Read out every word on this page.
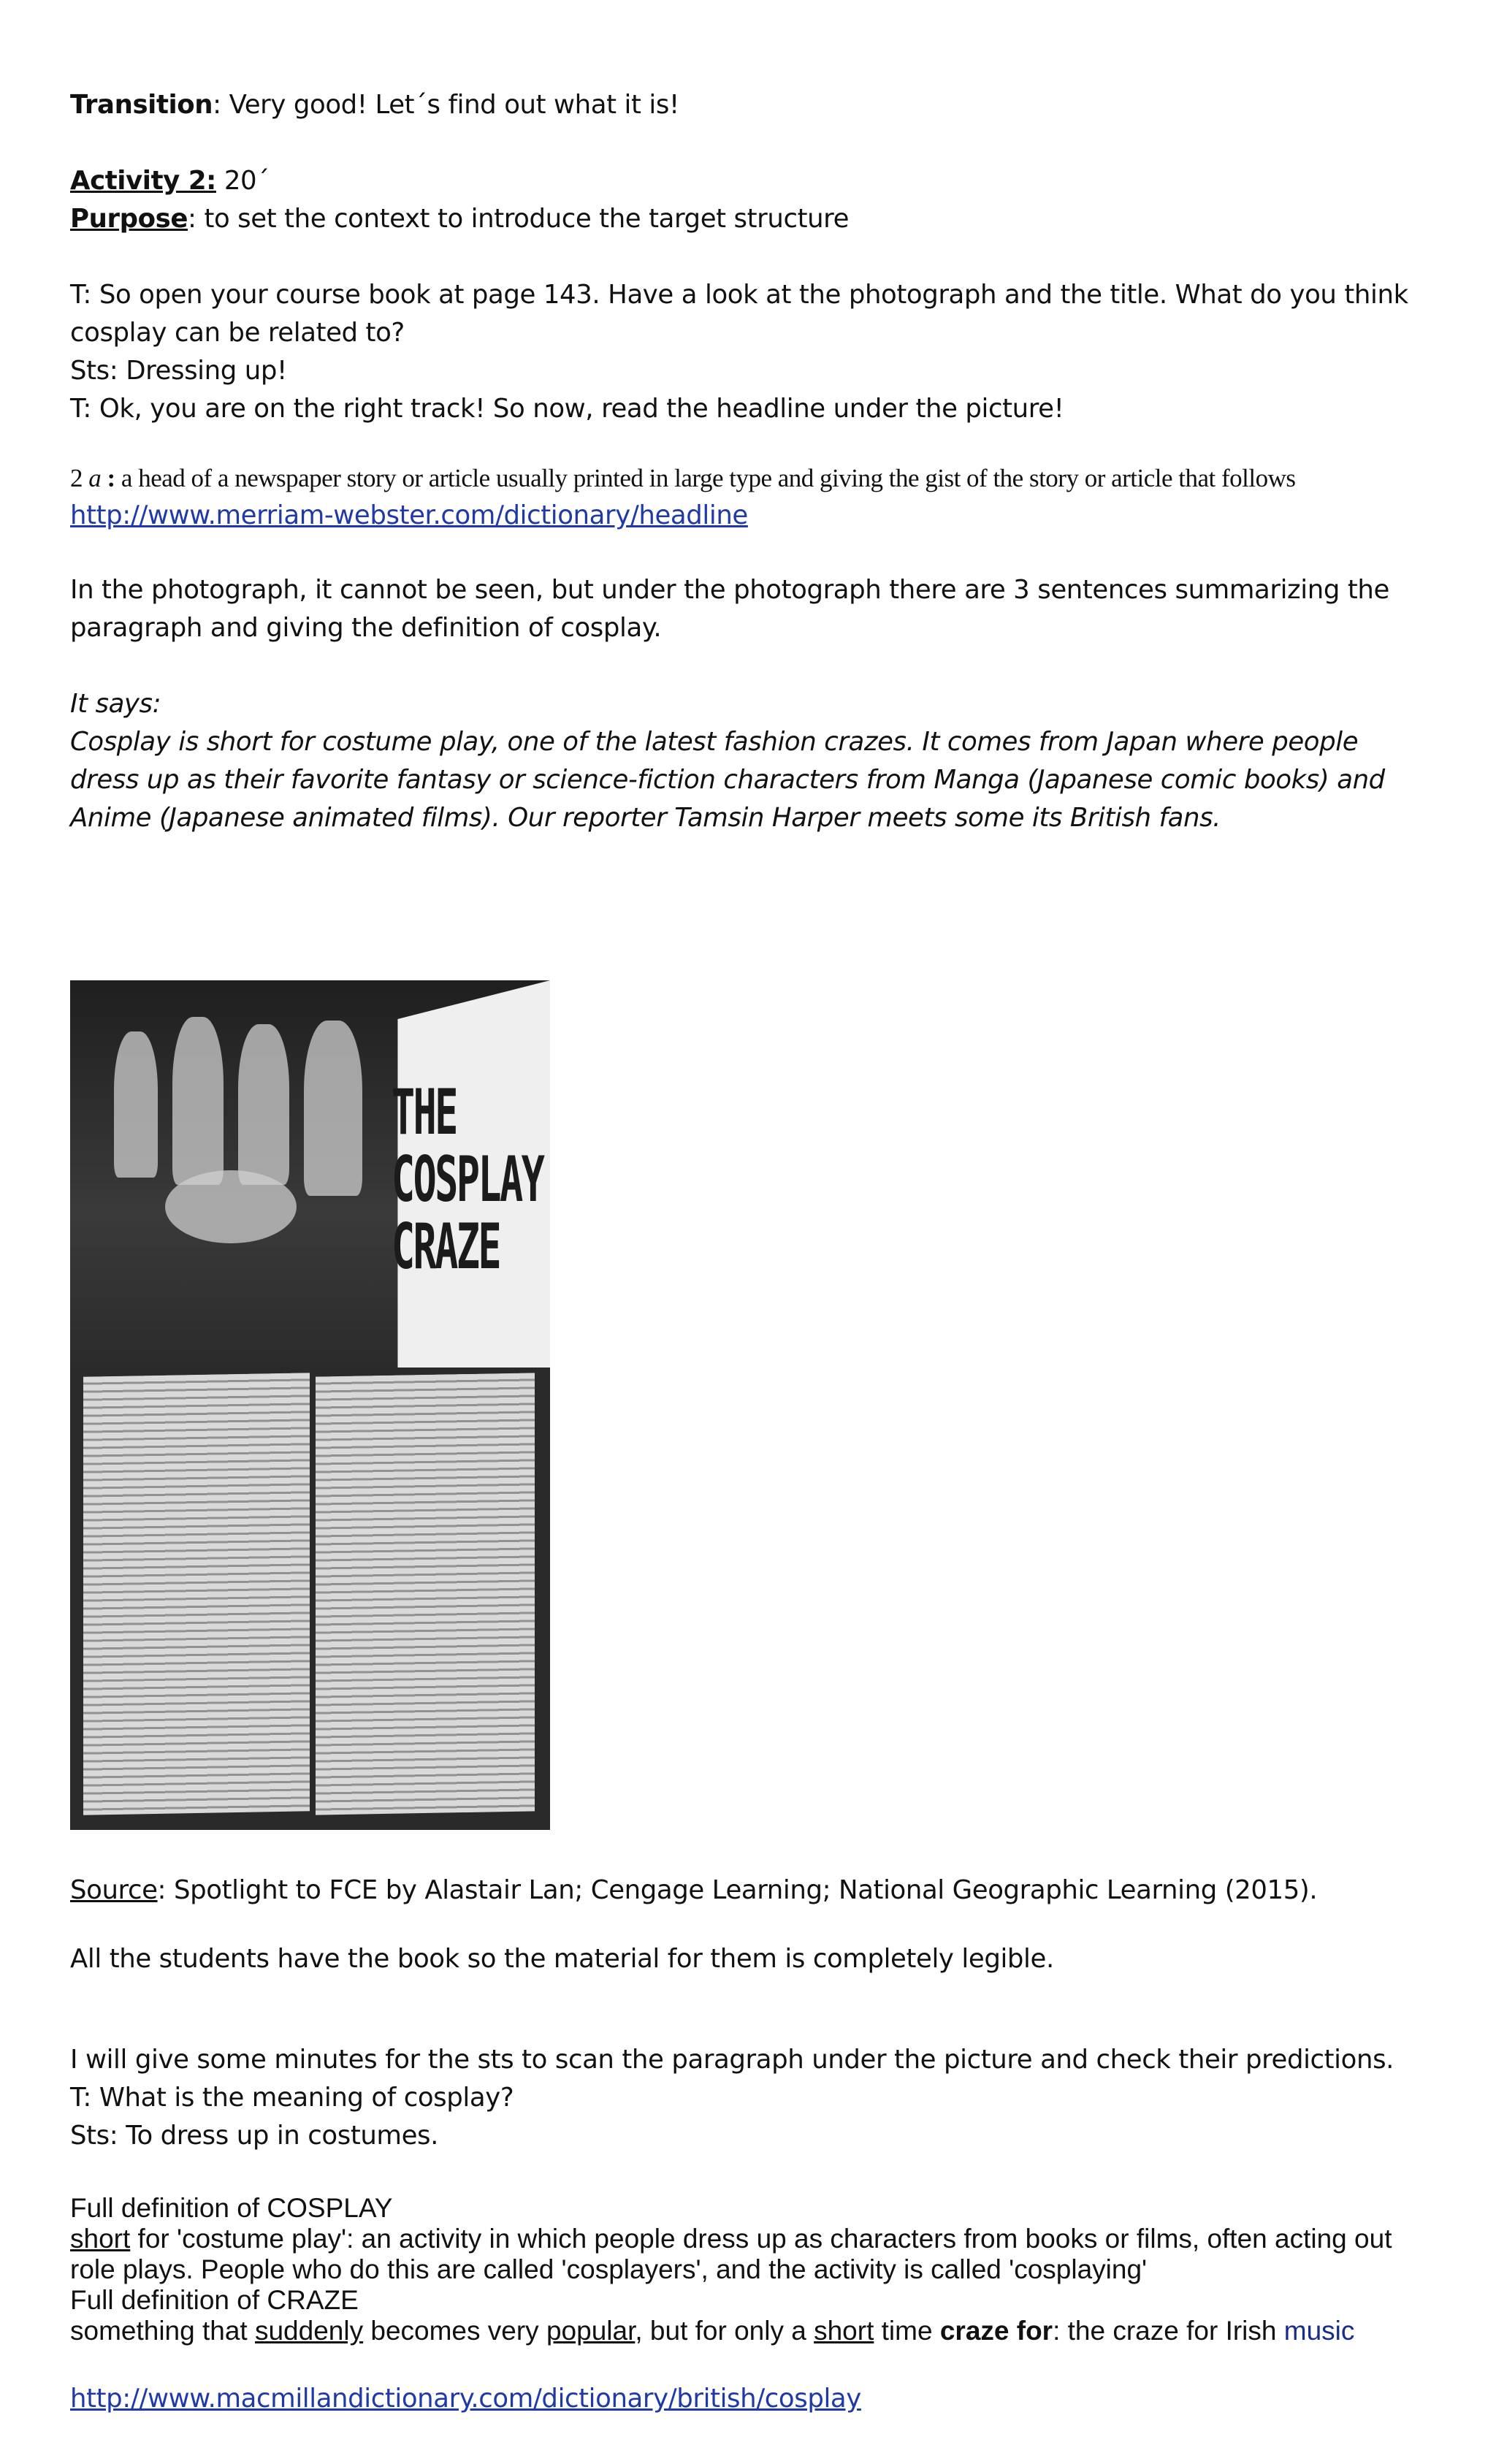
Transition: Very good! Let´s find out what it is!
Activity 2: 20´
Purpose: to set the context to introduce the target structure
T: So open your course book at page 143. Have a look at the photograph and the title. What do you think cosplay can be related to?
Sts: Dressing up!
T: Ok, you are on the right track! So now, read the headline under the picture!
2 a : a head of a newspaper story or article usually printed in large type and giving the gist of the story or article that follows
http://www.merriam-webster.com/dictionary/headline
In the photograph, it cannot be seen, but under the photograph there are 3 sentences summarizing the paragraph and giving the definition of cosplay.
It says:
Cosplay is short for costume play, one of the latest fashion crazes. It comes from Japan where people dress up as their favorite fantasy or science-fiction characters from Manga (Japanese comic books) and Anime (Japanese animated films). Our reporter Tamsin Harper meets some its British fans.
Source: Spotlight to FCE by Alastair Lan; Cengage Learning; National Geographic Learning (2015).
All the students have the book so the material for them is completely legible.
I will give some minutes for the sts to scan the paragraph under the picture and check their predictions.
T: What is the meaning of cosplay?
Sts: To dress up in costumes.
Full definition of COSPLAY
short for 'costume play': an activity in which people dress up as characters from books or films, often acting out role plays. People who do this are called 'cosplayers', and the activity is called 'cosplaying'
Full definition of CRAZE
something that suddenly becomes very popular, but for only a short time craze for: the craze for Irish music
http://www.macmillandictionary.com/dictionary/british/cosplay
THE
COSPLAY
CRAZE
